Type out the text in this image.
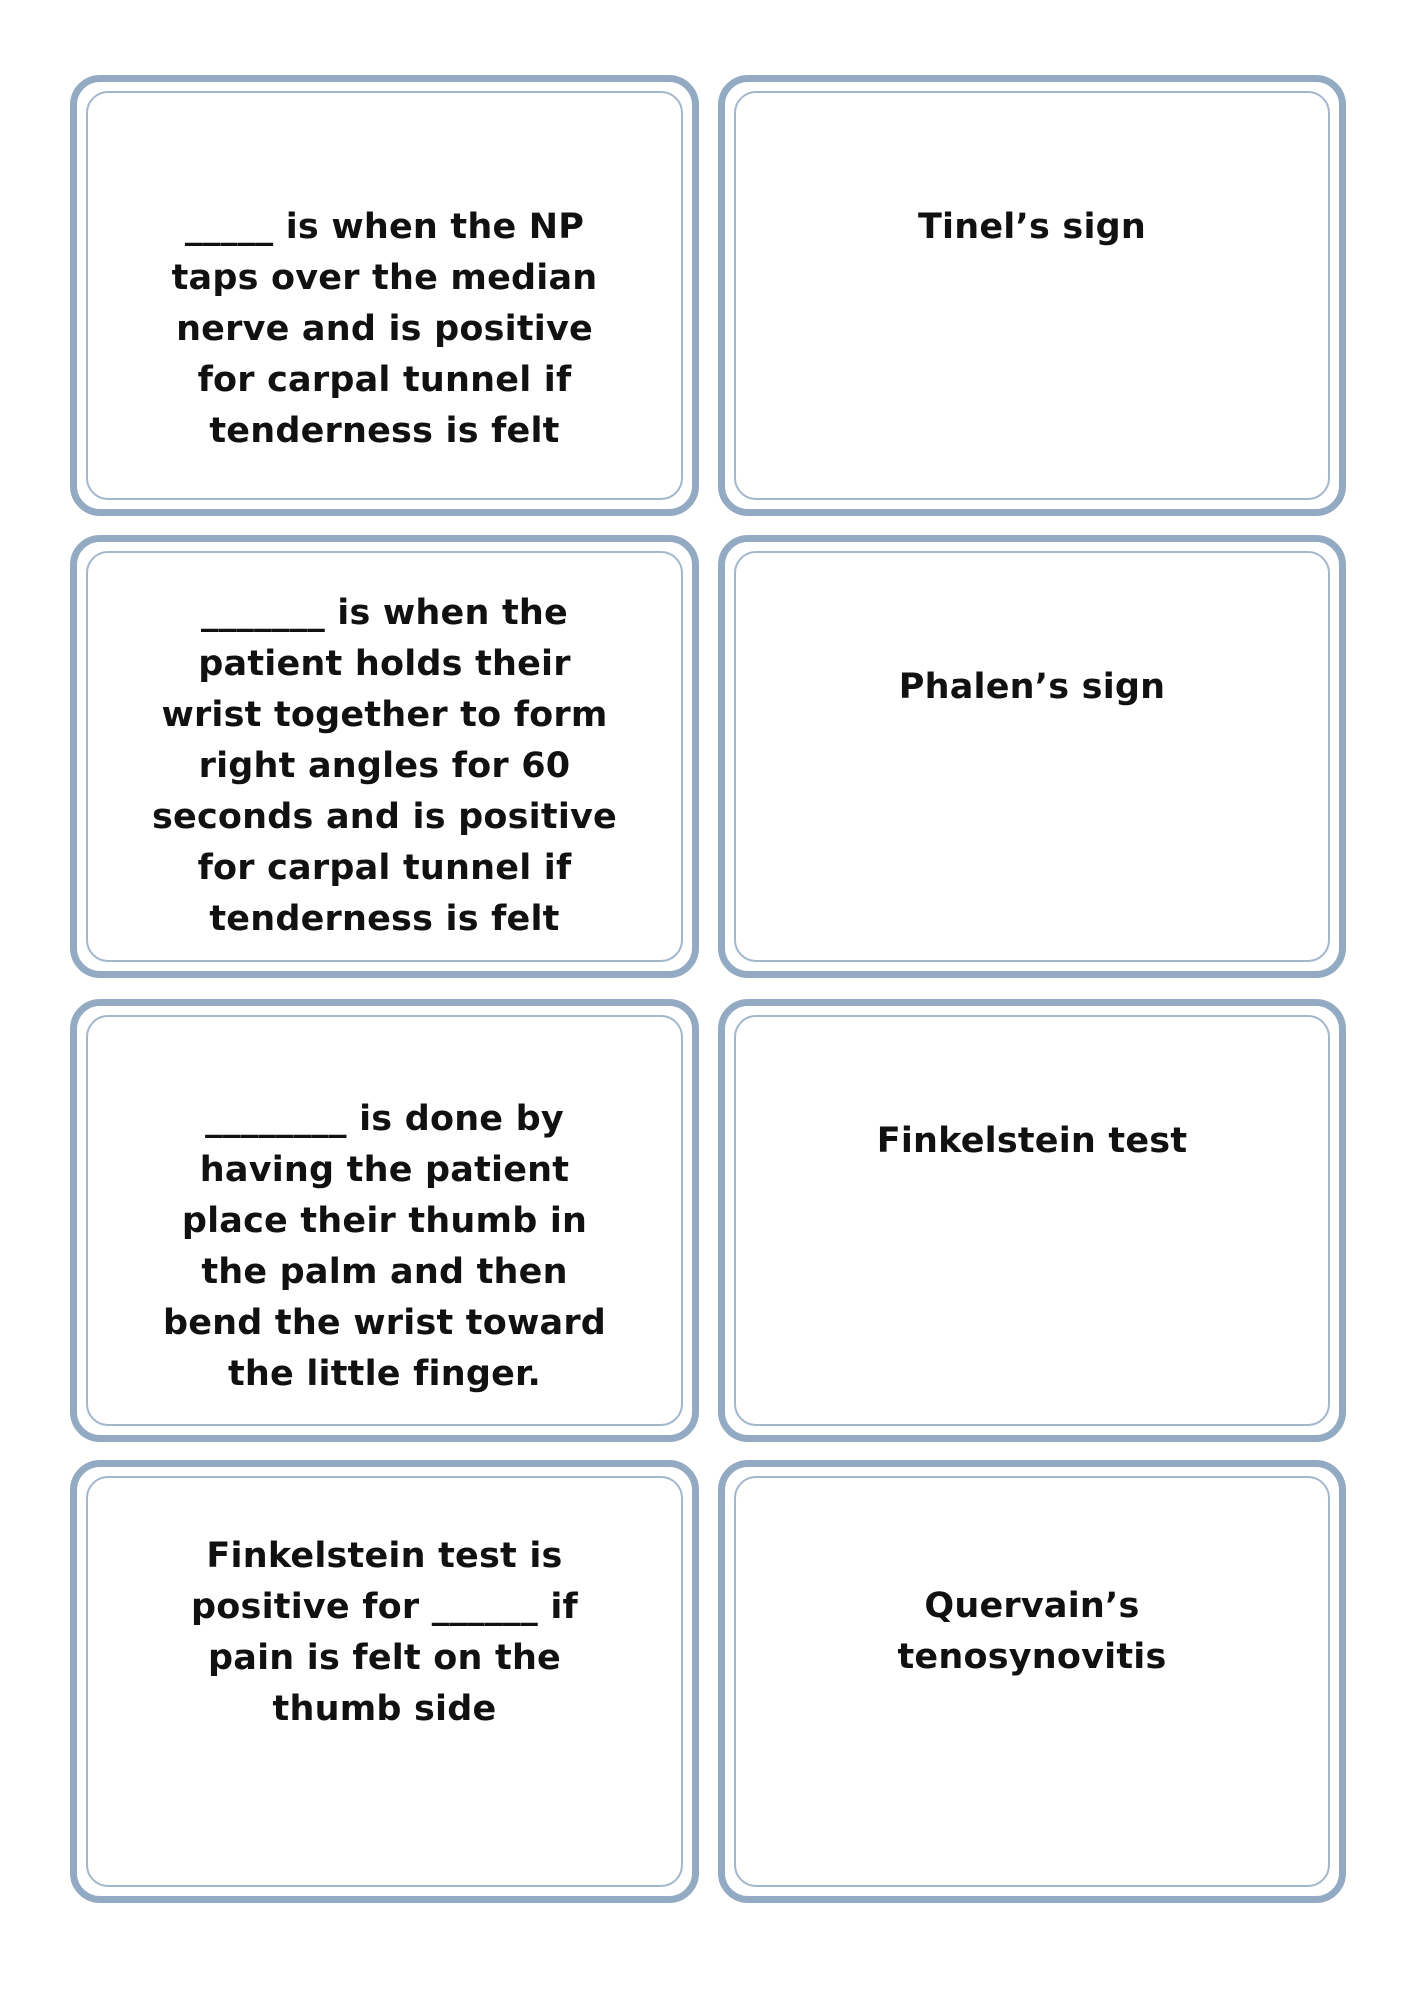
_____ is when the NP taps over the median nerve and is positive for carpal tunnel if tenderness is felt
Tinel’s sign
_______ is when the patient holds their wrist together to form right angles for 60 seconds and is positive for carpal tunnel if tenderness is felt
Phalen’s sign
________ is done by having the patient place their thumb in the palm and then bend the wrist toward the little finger.
Finkelstein test
Finkelstein test is positive for ______ if pain is felt on the thumb side
Quervain’s tenosynovitis
